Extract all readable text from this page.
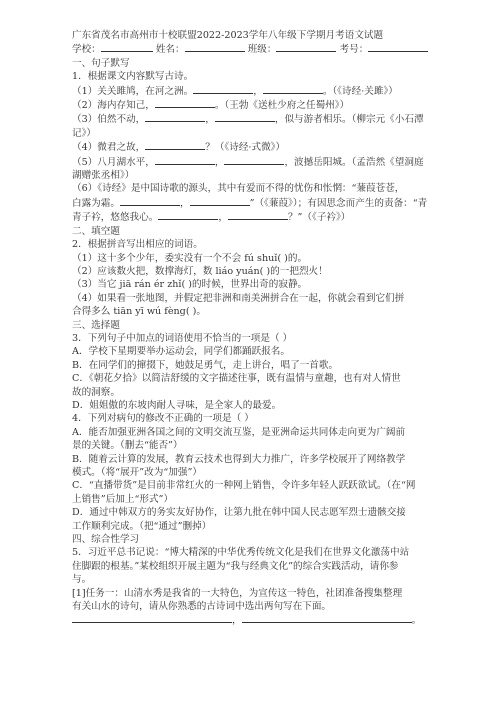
广东省茂名市高州市十校联盟2022-2023学年八年级下学期月考语文试题
学校：	姓名：	班级：	考号：
一、句子默写
1．根据课文内容默写古诗。
（1）关关雎鸠，在河之洲。	，	。（《诗经·关雎》）
（2）海内存知己，	。（王勃《送杜少府之任蜀州》）
（3）伯然不动，	，	，似与游者相乐。（柳宗元《小石潭
记》）
（4）微君之故，	？（《诗经·式微》）
（5）八月湖水平，	，	，波撼岳阳城。（孟浩然《望洞庭
湖赠张丞相》）
（6）《诗经》是中国诗歌的源头，其中有爱而不得的忧伤和怅惘：“蒹葭苍苍，
白露为霜。	，	”（《蒹葭》）；有因思念而产生的责备：“青
青子衿，悠悠我心。	，	？”（《子衿》）
二、填空题
2．根据拼音写出相应的词语。
（1）这十多个少年，委实没有一个不会 fú shuǐ( )的。
（2）应该数火把，数撑海灯，数 liáo yuán( )的一把烈火！
（3）当它 jiā rán ér zhǐ( )的时候，世界出奇的寂静。
（4）如果看一张地图，并假定把非洲和南美洲拼合在一起，你就会看到它们拼
合得多么 tiān yī wú fèng( )。
三、选择题
3．下列句子中加点的词语使用不恰当的一项是（ ）
A．学校下星期要举办运动会，同学们都踊跃报名。
B．在同学们的撺掇下，她鼓足勇气，走上讲台，唱了一首歌。
C．《朝花夕拾》以简洁舒缓的文字描述往事，既有温情与童趣，也有对人情世
故的洞察。
D．姐姐傲的东坡肉耐人寻味，是全家人的最爱。
4．下列对病句的修改不正确的一项是（ ）
A．能否加强亚洲各国之间的文明交流互鉴，是亚洲命运共同体走向更为广阔前
景的关键。（删去“能否”）
B．随着云计算的发展，教育云技术也得到大力推广，许多学校展开了网络教学
模式。（将“展开”改为“加强”）
C．“直播带货”是目前非常红火的一种网上销售，令许多年轻人跃跃欲试。（在“网
上销售”后加上“形式”）
D．通过中韩双方的务实友好协作，让第九批在韩中国人民志愿军烈士遗骸交接
工作顺利完成。（把“通过”删掉）
四、综合性学习
5．习近平总书记说：“博大精深的中华优秀传统文化是我们在世界文化激荡中站
住脚跟的根基。”某校组织开展主题为“我与经典文化”的综合实践活动，请你参
与。
[1]任务一：山清水秀是我省的一大特色，为宣传这一特色，社团准备搜集整理
有关山水的诗句，请从你熟悉的古诗词中选出两句写在下面。
，	。
